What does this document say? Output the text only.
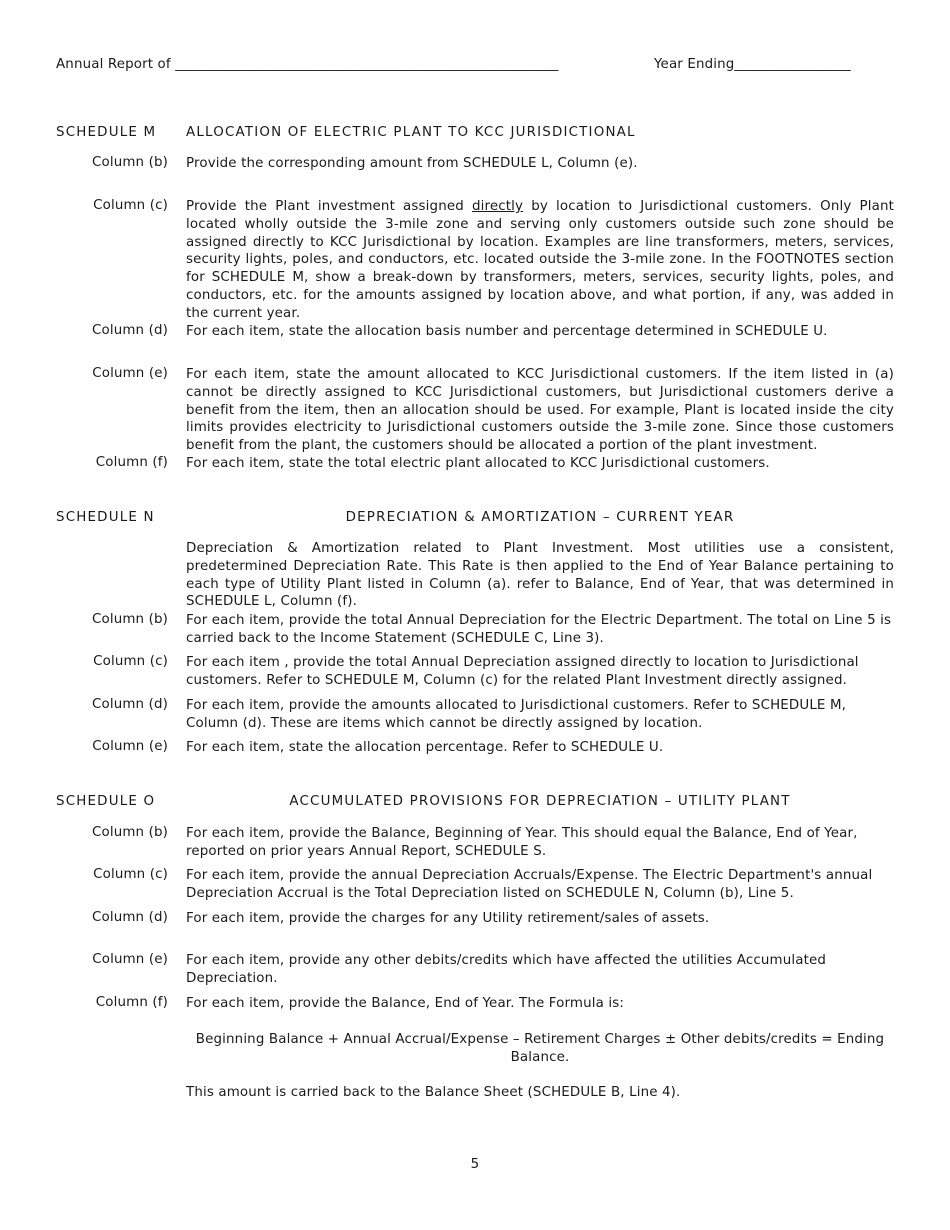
Annual Report of ________________________________________________________	Year Ending_________________
SCHEDULE M ALLOCATION OF ELECTRIC PLANT TO KCC JURISDICTIONAL
Column (b) Provide the corresponding amount from SCHEDULE L, Column (e).
Column (c) Provide the Plant investment assigned directly by location to Jurisdictional customers. Only Plant located wholly outside the 3-mile zone and serving only customers outside such zone should be assigned directly to KCC Jurisdictional by location. Examples are line transformers, meters, services, security lights, poles, and conductors, etc. located outside the 3-mile zone. In the FOOTNOTES section for SCHEDULE M, show a break-down by transformers, meters, services, security lights, poles, and conductors, etc. for the amounts assigned by location above, and what portion, if any, was added in the current year.
Column (d) For each item, state the allocation basis number and percentage determined in SCHEDULE U.
Column (e) For each item, state the amount allocated to KCC Jurisdictional customers. If the item listed in (a) cannot be directly assigned to KCC Jurisdictional customers, but Jurisdictional customers derive a benefit from the item, then an allocation should be used. For example, Plant is located inside the city limits provides electricity to Jurisdictional customers outside the 3-mile zone. Since those customers benefit from the plant, the customers should be allocated a portion of the plant investment.
Column (f) For each item, state the total electric plant allocated to KCC Jurisdictional customers.
SCHEDULE N	DEPRECIATION & AMORTIZATION – CURRENT YEAR
Depreciation & Amortization related to Plant Investment. Most utilities use a consistent, predetermined Depreciation Rate. This Rate is then applied to the End of Year Balance pertaining to each type of Utility Plant listed in Column (a). refer to Balance, End of Year, that was determined in SCHEDULE L, Column (f).
Column (b) For each item, provide the total Annual Depreciation for the Electric Department. The total on Line 5 is carried back to the Income Statement (SCHEDULE C, Line 3).
Column (c) For each item , provide the total Annual Depreciation assigned directly to location to Jurisdictional customers. Refer to SCHEDULE M, Column (c) for the related Plant Investment directly assigned.
Column (d) For each item, provide the amounts allocated to Jurisdictional customers. Refer to SCHEDULE M, Column (d). These are items which cannot be directly assigned by location.
Column (e) For each item, state the allocation percentage. Refer to SCHEDULE U.
SCHEDULE O	ACCUMULATED PROVISIONS FOR DEPRECIATION – UTILITY PLANT
Column (b) For each item, provide the Balance, Beginning of Year. This should equal the Balance, End of Year, reported on prior years Annual Report, SCHEDULE S.
Column (c) For each item, provide the annual Depreciation Accruals/Expense. The Electric Department's annual Depreciation Accrual is the Total Depreciation listed on SCHEDULE N, Column (b), Line 5.
Column (d) For each item, provide the charges for any Utility retirement/sales of assets.
Column (e) For each item, provide any other debits/credits which have affected the utilities Accumulated Depreciation.
Column (f) For each item, provide the Balance, End of Year. The Formula is:
Beginning Balance + Annual Accrual/Expense – Retirement Charges ± Other debits/credits = Ending Balance.
This amount is carried back to the Balance Sheet (SCHEDULE B, Line 4).
5
